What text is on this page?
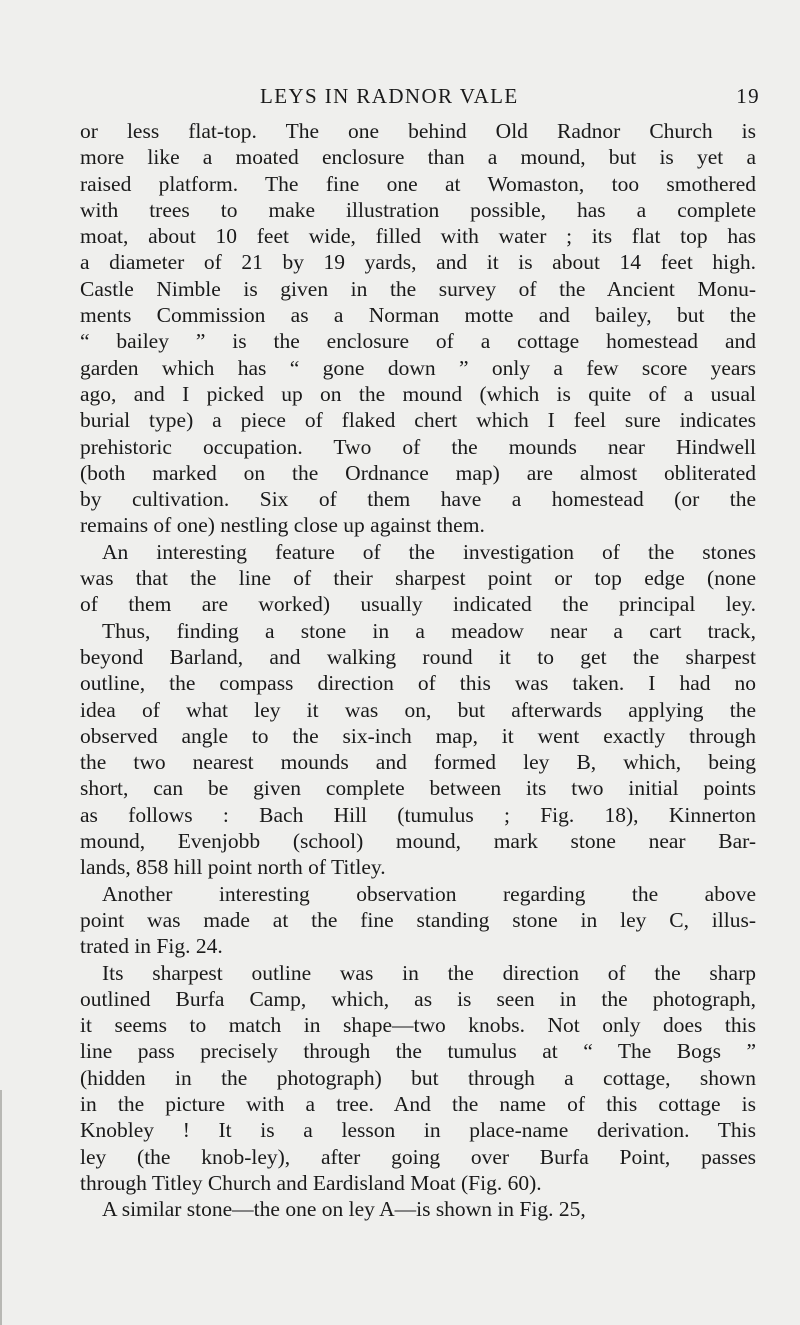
LEYS IN RADNOR VALE	19
or less flat-top. The one behind Old Radnor Church is
more like a moated enclosure than a mound, but is yet a
raised platform. The fine one at Womaston, too smothered
with trees to make illustration possible, has a complete
moat, about 10 feet wide, filled with water ; its flat top has
a diameter of 21 by 19 yards, and it is about 14 feet high.
Castle Nimble is given in the survey of the Ancient Monu-
ments Commission as a Norman motte and bailey, but the
“ bailey ” is the enclosure of a cottage homestead and
garden which has “ gone down ” only a few score years
ago, and I picked up on the mound (which is quite of a usual
burial type) a piece of flaked chert which I feel sure indicates
prehistoric occupation. Two of the mounds near Hindwell
(both marked on the Ordnance map) are almost obliterated
by cultivation. Six of them have a homestead (or the
remains of one) nestling close up against them.
An interesting feature of the investigation of the stones
was that the line of their sharpest point or top edge (none
of them are worked) usually indicated the principal ley.
Thus, finding a stone in a meadow near a cart track,
beyond Barland, and walking round it to get the sharpest
outline, the compass direction of this was taken. I had no
idea of what ley it was on, but afterwards applying the
observed angle to the six-inch map, it went exactly through
the two nearest mounds and formed ley B, which, being
short, can be given complete between its two initial points
as follows : Bach Hill (tumulus ; Fig. 18), Kinnerton
mound, Evenjobb (school) mound, mark stone near Bar-
lands, 858 hill point north of Titley.
Another interesting observation regarding the above
point was made at the fine standing stone in ley C, illus-
trated in Fig. 24.
Its sharpest outline was in the direction of the sharp
outlined Burfa Camp, which, as is seen in the photograph,
it seems to match in shape—two knobs. Not only does this
line pass precisely through the tumulus at “ The Bogs ”
(hidden in the photograph) but through a cottage, shown
in the picture with a tree. And the name of this cottage is
Knobley ! It is a lesson in place-name derivation. This
ley (the knob-ley), after going over Burfa Point, passes
through Titley Church and Eardisland Moat (Fig. 60).
A similar stone—the one on ley A—is shown in Fig. 25,
